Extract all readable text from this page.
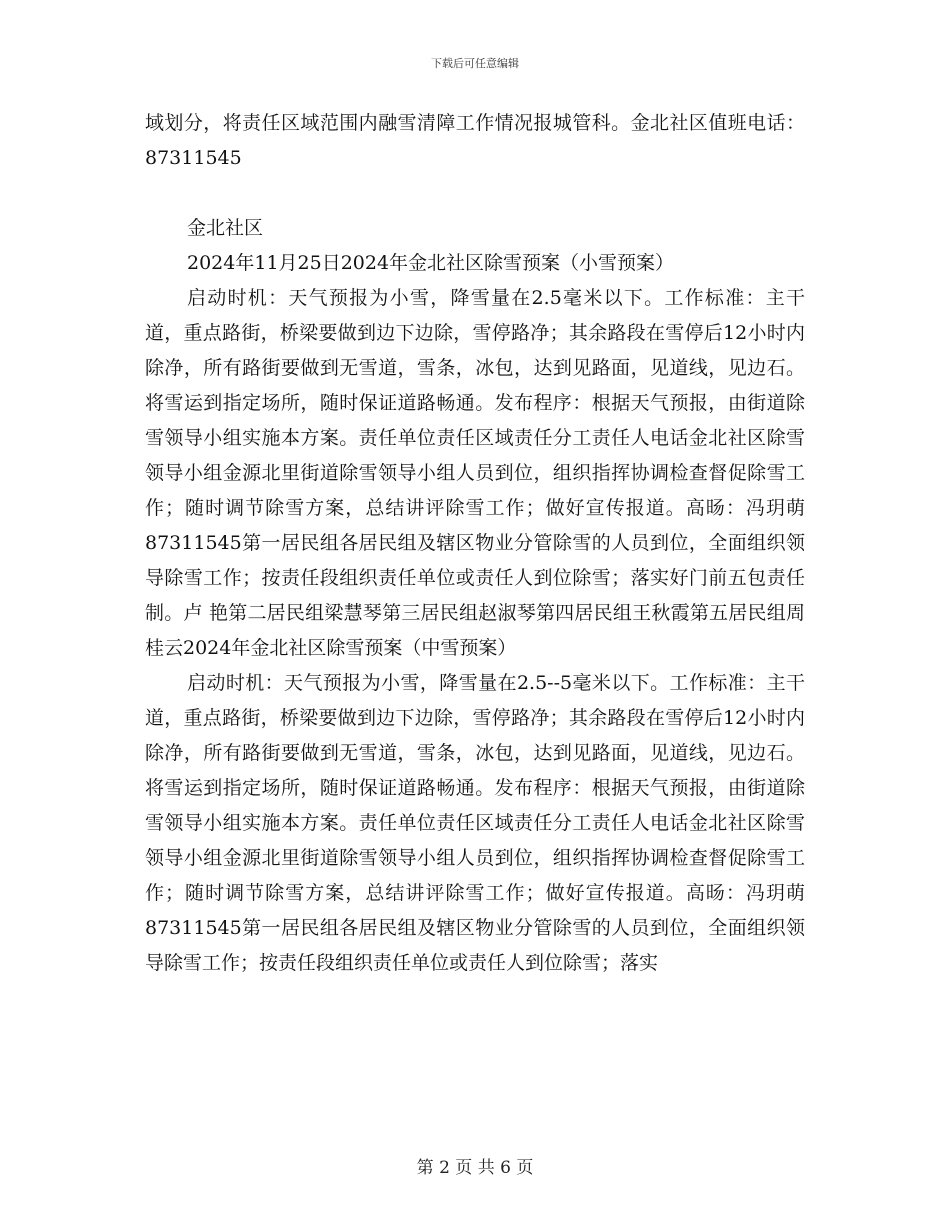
下载后可任意编辑

域划分，将责任区域范围内融雪清障工作情况报城管科。金北社区值班电话：87311545

金北社区

2024年11月25日2024年金北社区除雪预案（小雪预案）

启动时机：天气预报为小雪，降雪量在2.5毫米以下。工作标准：主干道，重点路街，桥梁要做到边下边除，雪停路净；其余路段在雪停后12小时内除净，所有路街要做到无雪道，雪条，冰包，达到见路面，见道线，见边石。将雪运到指定场所，随时保证道路畅通。发布程序：根据天气预报，由街道除雪领导小组实施本方案。责任单位责任区域责任分工责任人电话金北社区除雪领导小组金源北里街道除雪领导小组人员到位，组织指挥协调检查督促除雪工作；随时调节除雪方案，总结讲评除雪工作；做好宣传报道。高旸：冯玥萌87311545第一居民组各居民组及辖区物业分管除雪的人员到位，全面组织领导除雪工作；按责任段组织责任单位或责任人到位除雪；落实好门前五包责任制。卢 艳第二居民组梁慧琴第三居民组赵淑琴第四居民组王秋霞第五居民组周桂云2024年金北社区除雪预案（中雪预案）

启动时机：天气预报为小雪，降雪量在2.5--5毫米以下。工作标准：主干道，重点路街，桥梁要做到边下边除，雪停路净；其余路段在雪停后12小时内除净，所有路街要做到无雪道，雪条，冰包，达到见路面，见道线，见边石。将雪运到指定场所，随时保证道路畅通。发布程序：根据天气预报，由街道除雪领导小组实施本方案。责任单位责任区域责任分工责任人电话金北社区除雪领导小组金源北里街道除雪领导小组人员到位，组织指挥协调检查督促除雪工作；随时调节除雪方案，总结讲评除雪工作；做好宣传报道。高旸：冯玥萌87311545第一居民组各居民组及辖区物业分管除雪的人员到位，全面组织领导除雪工作；按责任段组织责任单位或责任人到位除雪；落实

第 2 页 共 6 页
